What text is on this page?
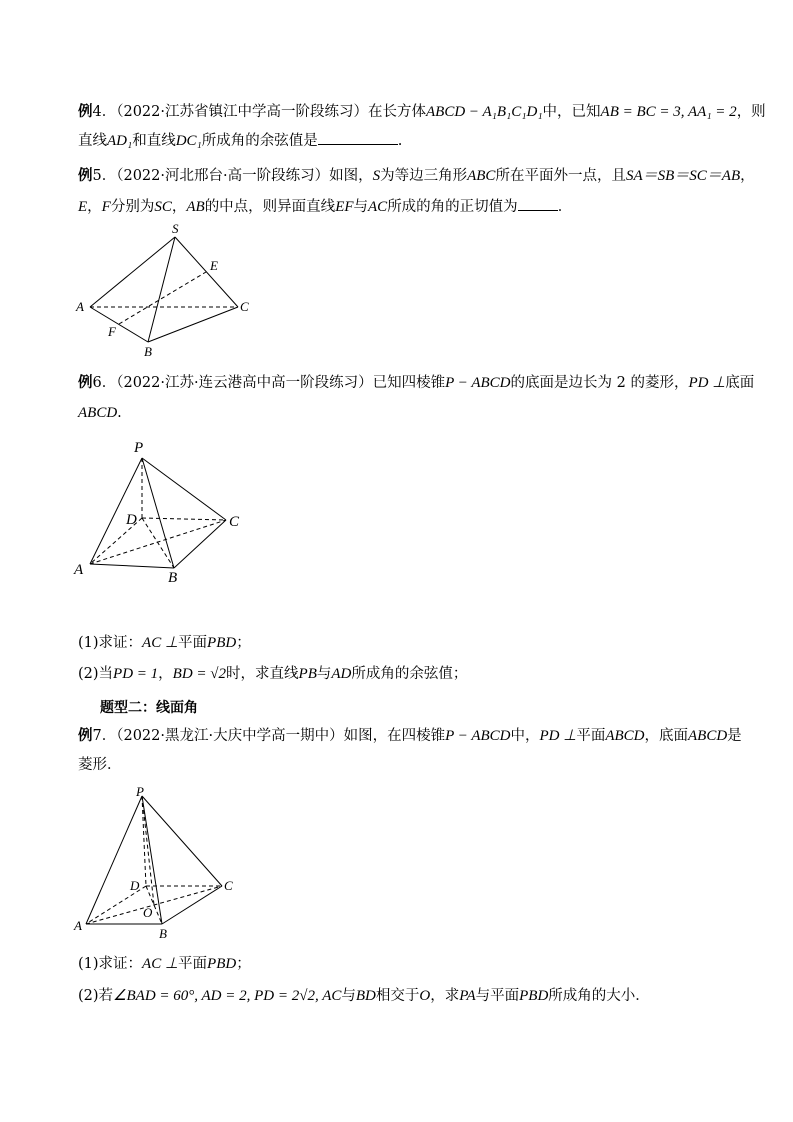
例4．（2022·江苏省镇江中学高一阶段练习）在长方体ABCD − A₁B₁C₁D₁中，已知AB = BC = 3, AA₁ = 2，则
直线AD₁和直线DC₁所成角的余弦值是	.
例5．（2022·河北邢台·高一阶段练习）如图，S为等边三角形ABC所在平面外一点，且SA＝SB＝SC＝AB，
E，F分别为SC，AB的中点，则异面直线EF与AC所成的角的正切值为	．
S
E
A	C
F
B
例6．（2022·江苏·连云港高中高一阶段练习）已知四棱锥P − ABCD的底面是边长为 2 的菱形，PD ⊥底面
ABCD.
P
D	C
A	B
(1)求证：AC ⊥平面PBD；
(2)当PD = 1，BD = √2时，求直线PB与AD所成角的余弦值；
题型二：线面角
例7．（2022·黑龙江·大庆中学高一期中）如图，在四棱锥P − ABCD中，PD ⊥平面ABCD，底面ABCD是
菱形．
P
D	C
O
A
B
(1)求证：AC ⊥平面PBD；
(2)若∠BAD = 60°, AD = 2, PD = 2√2, AC与BD相交于O，求PA与平面PBD所成角的大小．
